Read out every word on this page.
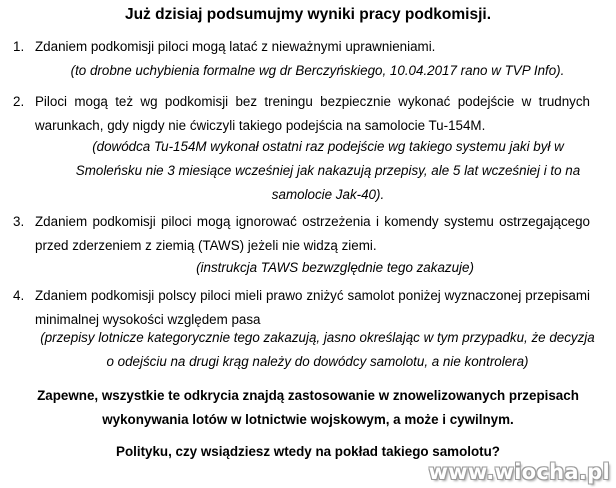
Już dzisiaj podsumujmy wyniki pracy podkomisji.
1. Zdaniem podkomisji piloci mogą latać z nieważnymi uprawnieniami.
(to drobne uchybienia formalne wg dr Berczyńskiego, 10.04.2017 rano w TVP Info).
2. Piloci mogą też wg podkomisji bez treningu bezpiecznie wykonać podejście w trudnych warunkach, gdy nigdy nie ćwiczyli takiego podejścia na samolocie Tu-154M.
(dowódca Tu-154M wykonał ostatni raz podejście wg takiego systemu jaki był w Smoleńsku nie 3 miesiące wcześniej jak nakazują przepisy, ale 5 lat wcześniej i to na samolocie Jak-40).
3. Zdaniem podkomisji piloci mogą ignorować ostrzeżenia i komendy systemu ostrzegającego przed zderzeniem z ziemią (TAWS) jeżeli nie widzą ziemi.
(instrukcja TAWS bezwzględnie tego zakazuje)
4. Zdaniem podkomisji polscy piloci mieli prawo zniżyć samolot poniżej wyznaczonej przepisami minimalnej wysokości względem pasa
(przepisy lotnicze kategorycznie tego zakazują, jasno określając w tym przypadku, że decyzja o odejściu na drugi krąg należy do dowódcy samolotu, a nie kontrolera)
Zapewne, wszystkie te odkrycia znajdą zastosowanie w znowelizowanych przepisach wykonywania lotów w lotnictwie wojskowym, a może i cywilnym.
Polityku, czy wsiądziesz wtedy na pokład takiego samolotu?
www.wiocha.pl
